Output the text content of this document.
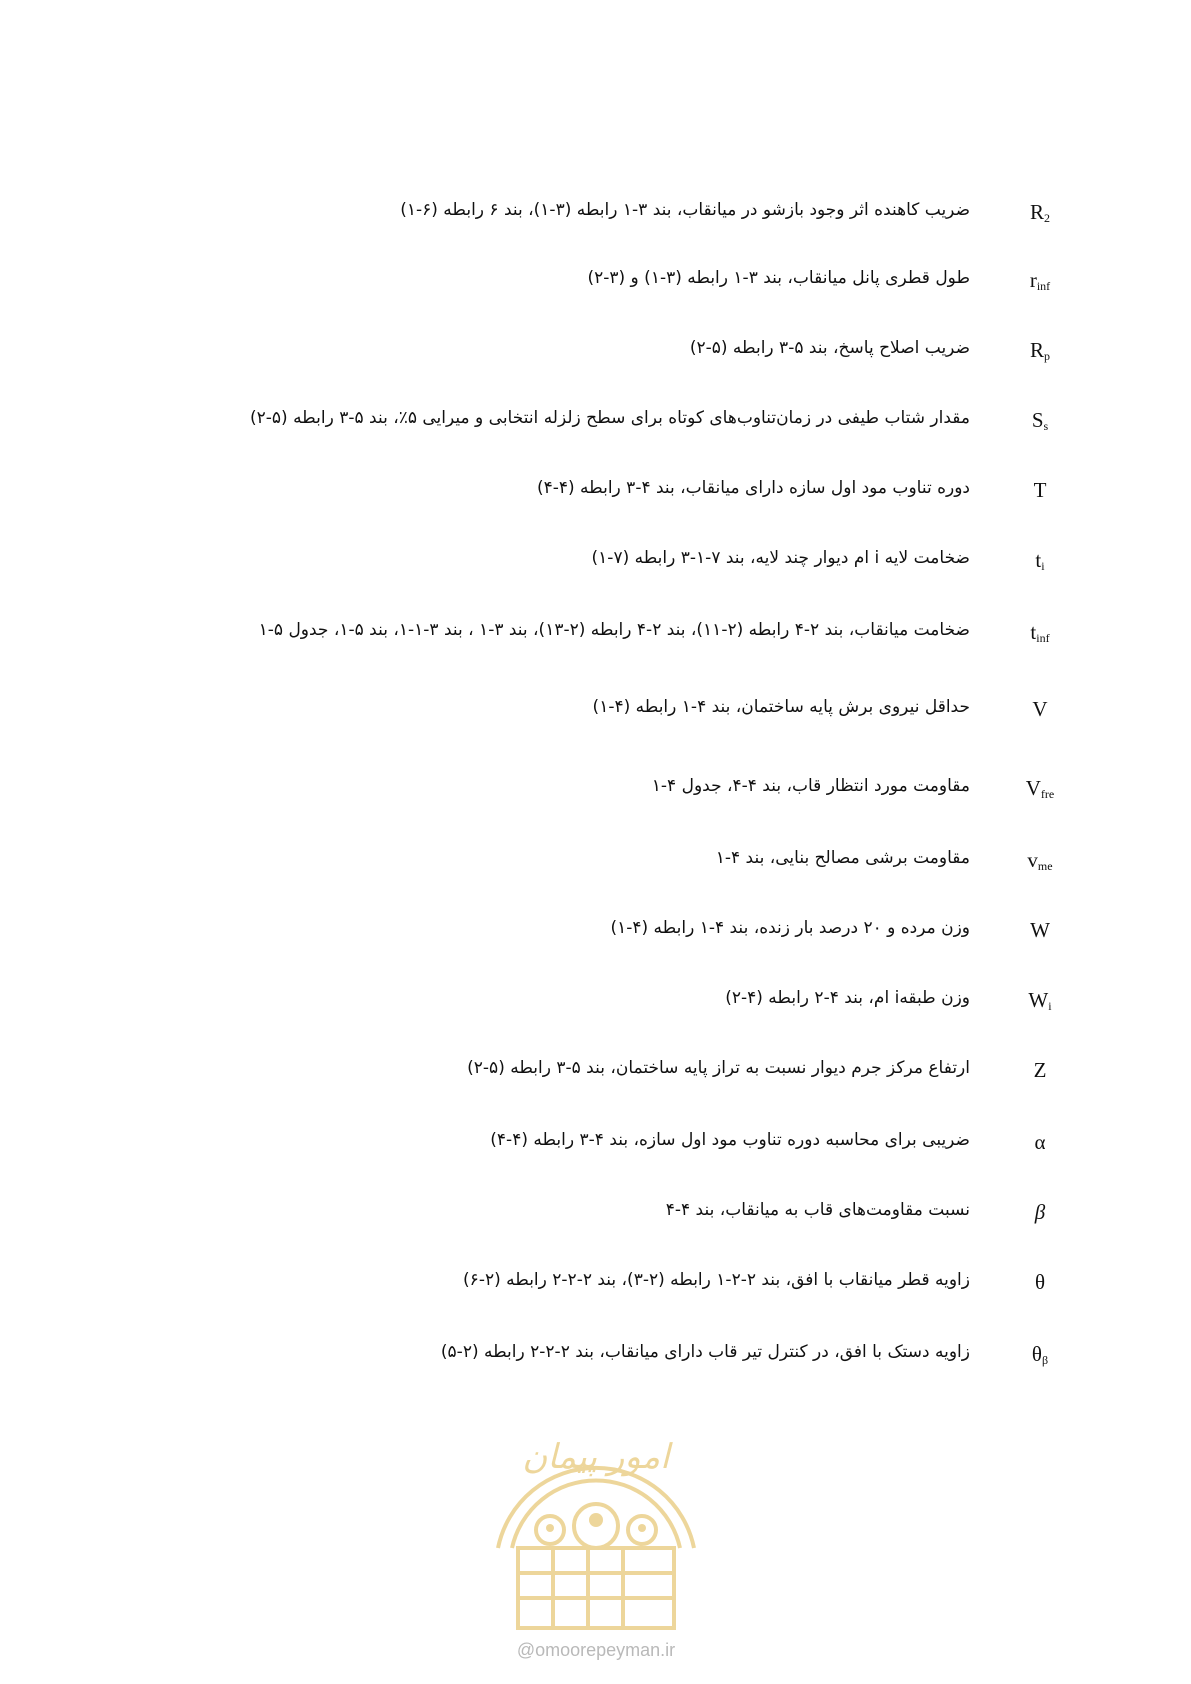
$R_2$
ضریب کاهنده اثر وجود بازشو در میانقاب، بند ۳-۱ رابطه (۳-۱)، بند ۶ رابطه (۶-۱)
$r_{inf}$
طول قطری پانل میانقاب، بند ۳-۱ رابطه (۳-۱) و (۳-۲)
$R_p$
ضریب اصلاح پاسخ، بند ۵-۳ رابطه (۵-۲)
$S_s$
مقدار شتاب طیفی در زمان‌تناوب‌های کوتاه برای سطح زلزله انتخابی و میرایی ۵٪، بند ۵-۳ رابطه (۵-۲)
T
دوره تناوب مود اول سازه دارای میانقاب، بند ۴-۳ رابطه (۴-۴)
$t_i$
ضخامت لایه i ام دیوار چند لایه، بند ۷-۱-۳ رابطه (۷-۱)
$t_{inf}$
ضخامت میانقاب، بند ۲-۴ رابطه (۲-۱۱)، بند ۲-۴ رابطه (۲-۱۳)، بند ۳-۱ ، بند ۳-۱-۱، بند ۵-۱، جدول ۵-۱
V
حداقل نیروی برش پایه ساختمان، بند ۴-۱ رابطه (۴-۱)
$V_{fre}$
مقاومت مورد انتظار قاب، بند ۴-۴، جدول ۴-۱
$v_{me}$
مقاومت برشی مصالح بنایی، بند ۴-۱
W
وزن مرده و ۲۰ درصد بار زنده، بند ۴-۱ رابطه (۴-۱)
$W_i$
وزن طبقهi ام، بند ۴-۲ رابطه (۴-۲)
Z
ارتفاع مرکز جرم دیوار نسبت به تراز پایه ساختمان، بند ۵-۳ رابطه (۵-۲)
α
ضریبی برای محاسبه دوره تناوب مود اول سازه، بند ۴-۳ رابطه (۴-۴)
β
نسبت مقاومت‌های قاب به میانقاب، بند ۴-۴
θ
زاویه قطر میانقاب با افق، بند ۲-۲-۱ رابطه (۲-۳)، بند ۲-۲-۲ رابطه (۲-۶)
$\theta_\beta$
زاویه دستک با افق، در کنترل تیر قاب دارای میانقاب، بند ۲-۲-۲ رابطه (۲-۵)
امور پیمان
@omoorepeyman.ir
